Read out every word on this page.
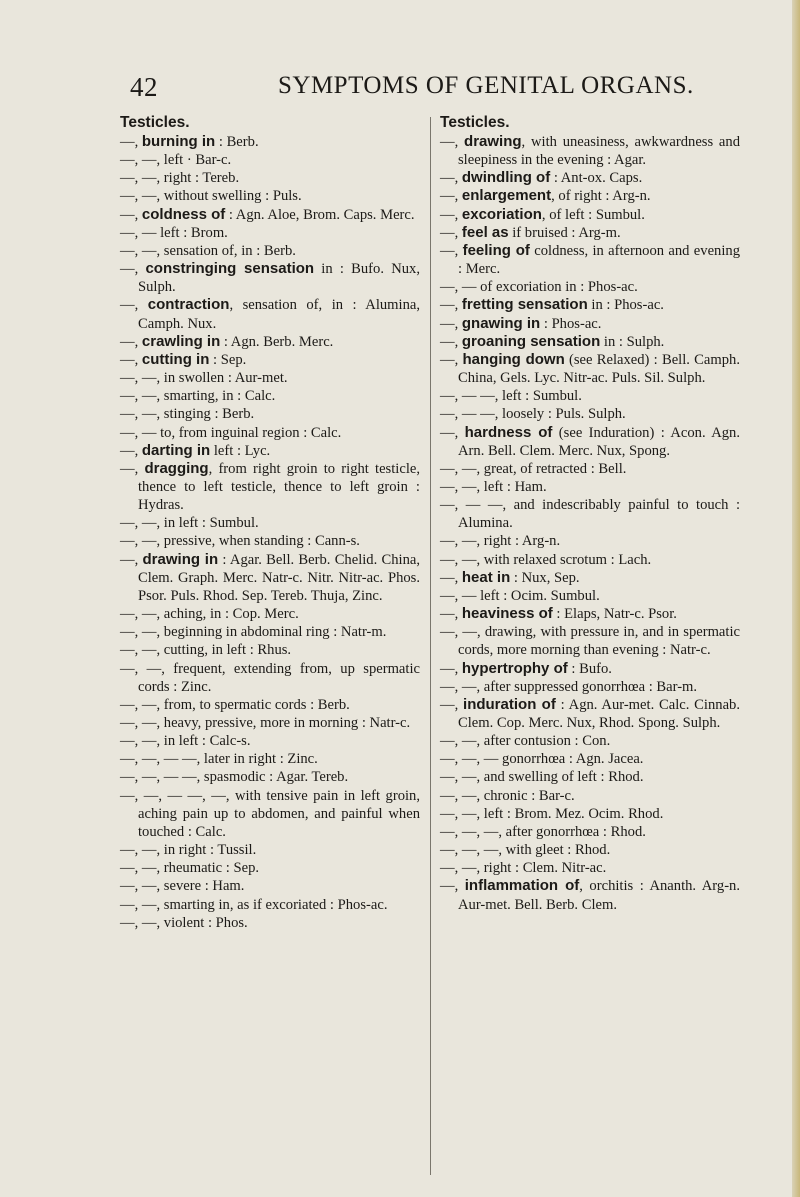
42	SYMPTOMS OF GENITAL ORGANS.
Testicles.
—, burning in : Berb.
—, —, left · Bar-c.
—, —, right : Tereb.
—, —, without swelling : Puls.
—, coldness of : Agn. Aloe, Brom. Caps. Merc.
—, — left : Brom.
—, —, sensation of, in : Berb.
—, constringing sensation in : Bufo. Nux, Sulph.
—, contraction, sensation of, in : Alumina, Camph. Nux.
—, crawling in : Agn. Berb. Merc.
—, cutting in : Sep.
—, —, in swollen : Aur-met.
—, —, smarting, in : Calc.
—, —, stinging : Berb.
—, — to, from inguinal region : Calc.
—, darting in left : Lyc.
—, dragging, from right groin to right testicle, thence to left testicle, thence to left groin : Hydras.
—, —, in left : Sumbul.
—, —, pressive, when standing : Cann-s.
—, drawing in : Agar. Bell. Berb. Chelid. China, Clem. Graph. Merc. Natr-c. Nitr. Nitr-ac. Phos. Psor. Puls. Rhod. Sep. Tereb. Thuja, Zinc.
—, —, aching, in : Cop. Merc.
—, —, beginning in abdominal ring : Natr-m.
—, —, cutting, in left : Rhus.
—, —, frequent, extending from, up spermatic cords : Zinc.
—, —, from, to spermatic cords : Berb.
—, —, heavy, pressive, more in morning : Natr-c.
—, —, in left : Calc-s.
—, —, — —, later in right : Zinc.
—, —, — —, spasmodic : Agar. Tereb.
—, —, — —, —, with tensive pain in left groin, aching pain up to abdomen, and painful when touched : Calc.
—, —, in right : Tussil.
—, —, rheumatic : Sep.
—, —, severe : Ham.
—, —, smarting in, as if excoriated : Phos-ac.
—, —, violent : Phos.
Testicles.
—, drawing, with uneasiness, awkwardness and sleepiness in the evening : Agar.
—, dwindling of : Ant-ox. Caps.
—, enlargement, of right : Arg-n.
—, excoriation, of left : Sumbul.
—, feel as if bruised : Arg-m.
—, feeling of coldness, in afternoon and evening : Merc.
—, — of excoriation in : Phos-ac.
—, fretting sensation in : Phos-ac.
—, gnawing in : Phos-ac.
—, groaning sensation in : Sulph.
—, hanging down (see Relaxed) : Bell. Camph. China, Gels. Lyc. Nitr-ac. Puls. Sil. Sulph.
—, — —, left : Sumbul.
—, — —, loosely : Puls. Sulph.
—, hardness of (see Induration) : Acon. Agn. Arn. Bell. Clem. Merc. Nux, Spong.
—, —, great, of retracted : Bell.
—, —, left : Ham.
—, — —, and indescribably painful to touch : Alumina.
—, —, right : Arg-n.
—, —, with relaxed scrotum : Lach.
—, heat in : Nux, Sep.
—, — left : Ocim. Sumbul.
—, heaviness of : Elaps, Natr-c. Psor.
—, —, drawing, with pressure in, and in spermatic cords, more morning than evening : Natr-c.
—, hypertrophy of : Bufo.
—, —, after suppressed gonorrhœa : Bar-m.
—, induration of : Agn. Aur-met. Calc. Cinnab. Clem. Cop. Merc. Nux, Rhod. Spong. Sulph.
—, —, after contusion : Con.
—, —, — gonorrhœa : Agn. Jacea.
—, —, and swelling of left : Rhod.
—, —, chronic : Bar-c.
—, —, left : Brom. Mez. Ocim. Rhod.
—, —, —, after gonorrhœa : Rhod.
—, —, —, with gleet : Rhod.
—, —, right : Clem. Nitr-ac.
—, inflammation of, orchitis : Ananth. Arg-n. Aur-met. Bell. Berb. Clem.
